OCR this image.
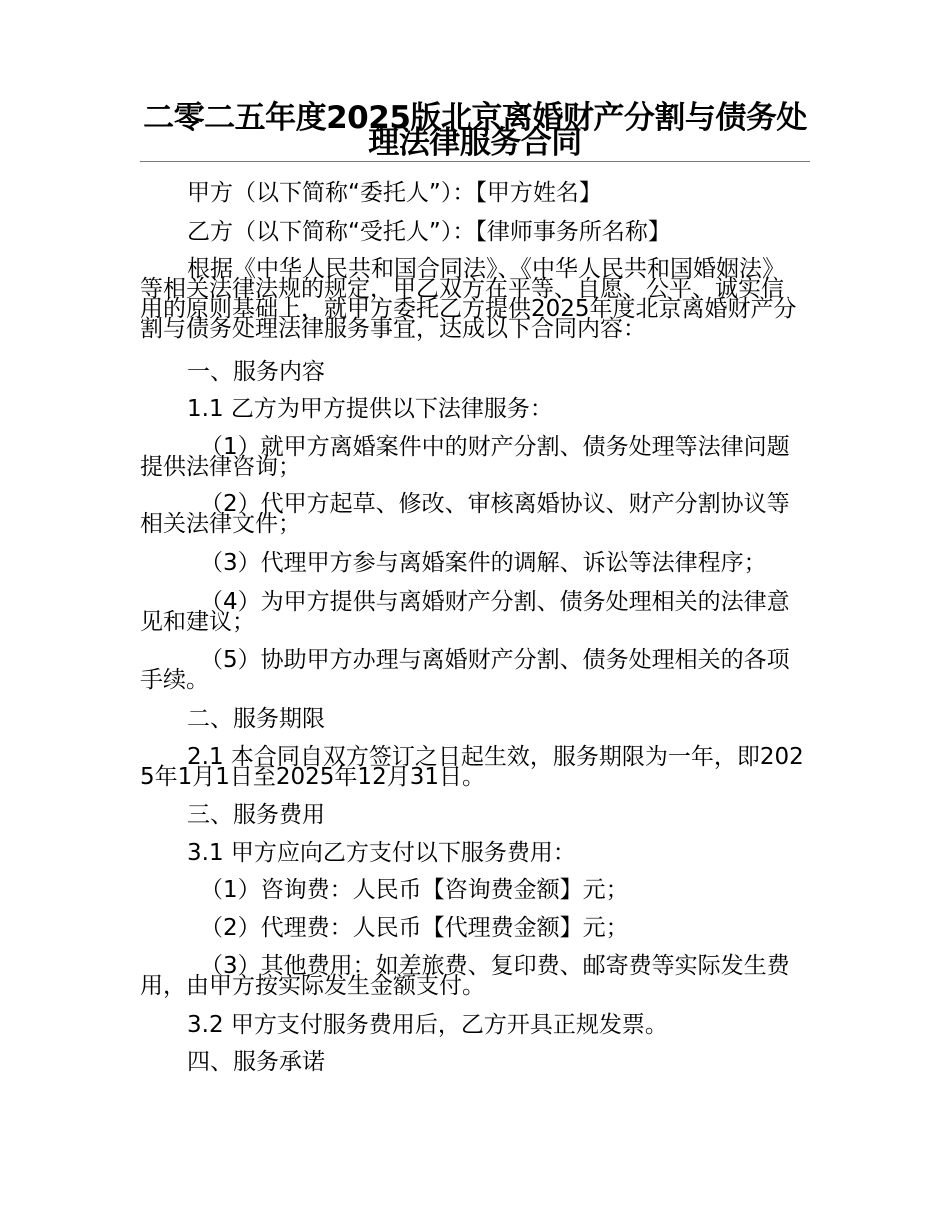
二零二五年度2025版北京离婚财产分割与债务处理法律服务合同

甲方（以下简称“委托人”）：【甲方姓名】

乙方（以下简称“受托人”）：【律师事务所名称】

根据《中华人民共和国合同法》、《中华人民共和国婚姻法》等相关法律法规的规定，甲乙双方在平等、自愿、公平、诚实信用的原则基础上，就甲方委托乙方提供2025年度北京离婚财产分割与债务处理法律服务事宜，达成以下合同内容：

一、服务内容

1.1 乙方为甲方提供以下法律服务：

（1）就甲方离婚案件中的财产分割、债务处理等法律问题提供法律咨询；

（2）代甲方起草、修改、审核离婚协议、财产分割协议等相关法律文件；

（3）代理甲方参与离婚案件的调解、诉讼等法律程序；

（4）为甲方提供与离婚财产分割、债务处理相关的法律意见和建议；

（5）协助甲方办理与离婚财产分割、债务处理相关的各项手续。

二、服务期限

2.1 本合同自双方签订之日起生效，服务期限为一年，即2025年1月1日至2025年12月31日。

三、服务费用

3.1 甲方应向乙方支付以下服务费用：

（1）咨询费：人民币【咨询费金额】元；

（2）代理费：人民币【代理费金额】元；

（3）其他费用：如差旅费、复印费、邮寄费等实际发生费用，由甲方按实际发生金额支付。

3.2 甲方支付服务费用后，乙方开具正规发票。

四、服务承诺
